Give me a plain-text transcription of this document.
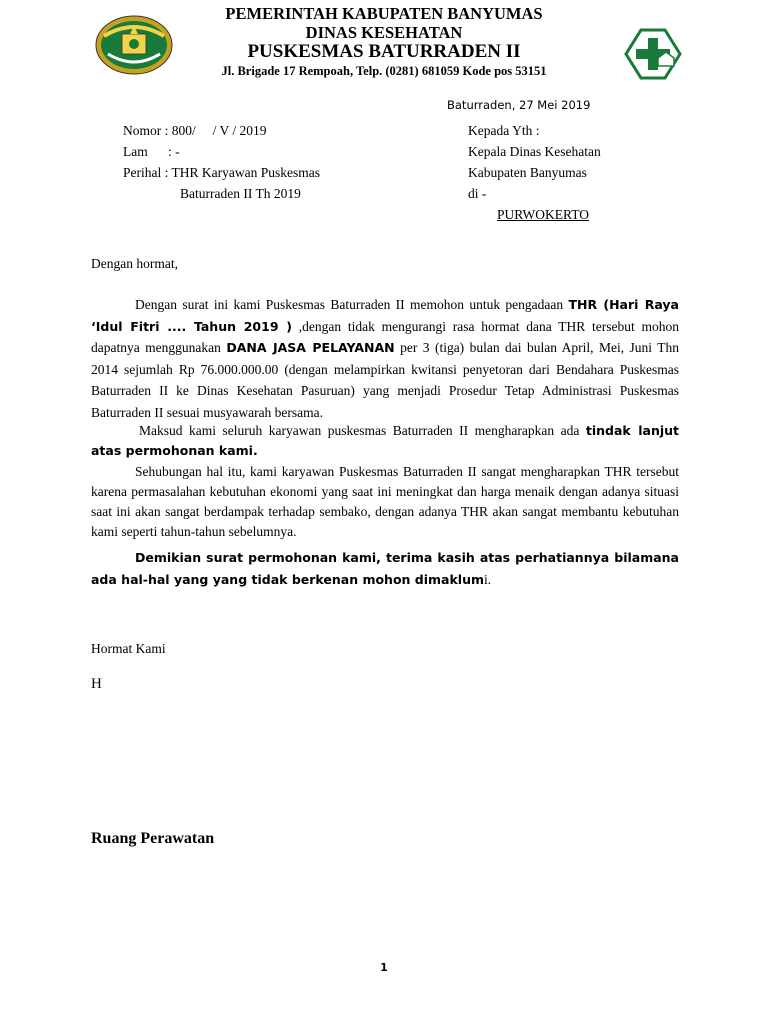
PEMERINTAH KABUPATEN BANYUMAS
DINAS KESEHATAN
PUSKESMAS BATURRADEN II
Jl. Brigade 17 Rempoah, Telp. (0281) 681059 Kode pos 53151
Baturraden, 27 Mei 2019
Nomor : 800/     / V / 2019
Lam      : -
Perihal : THR Karyawan Puskesmas
Baturraden II Th 2019
Kepada Yth :
Kepala Dinas Kesehatan
Kabupaten Banyumas
di -
PURWOKERTO
Dengan hormat,
Dengan surat ini kami Puskesmas Baturraden II memohon untuk pengadaan THR (Hari Raya ‘Idul Fitri .... Tahun 2019 ) ,dengan tidak mengurangi rasa hormat dana THR tersebut mohon dapatnya menggunakan DANA JASA PELAYANAN per 3 (tiga) bulan dai bulan April, Mei, Juni Thn 2014 sejumlah Rp 76.000.000.00 (dengan melampirkan kwitansi penyetoran dari Bendahara Puskesmas Baturraden II ke Dinas Kesehatan Pasuruan) yang menjadi Prosedur Tetap Administrasi Puskesmas Baturraden II sesuai musyawarah bersama.
Maksud kami seluruh karyawan puskesmas Baturraden II mengharapkan ada tindak lanjut atas permohonan kami.
Sehubungan hal itu, kami karyawan Puskesmas Baturraden II sangat mengharapkan THR tersebut karena permasalahan kebutuhan ekonomi yang saat ini meningkat dan harga menaik dengan adanya situasi saat ini akan sangat berdampak terhadap sembako, dengan adanya THR akan sangat membantu kebutuhan kami seperti tahun-tahun sebelumnya.
Demikian surat permohonan kami, terima kasih atas perhatiannya bilamana ada hal-hal yang yang tidak berkenan mohon dimaklumi.
Hormat Kami
H
Ruang Perawatan
1
